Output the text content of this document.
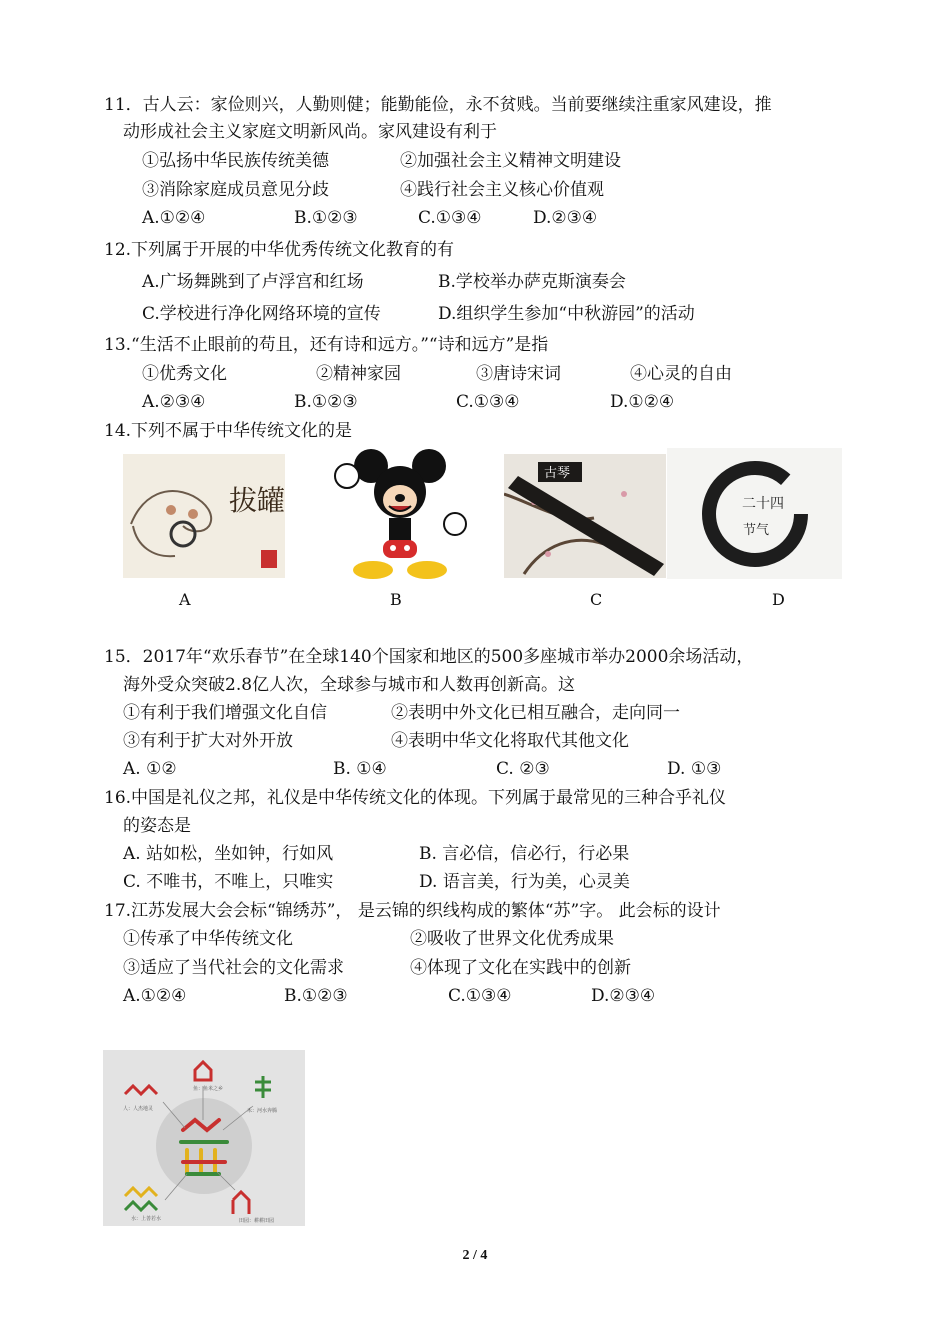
11．古人云：家俭则兴，人勤则健；能勤能俭，永不贫贱。当前要继续注重家风建设，推
动形成社会主义家庭文明新风尚。家风建设有利于
①弘扬中华民族传统美德	②加强社会主义精神文明建设
③消除家庭成员意见分歧	④践行社会主义核心价值观
A.①②④	B.①②③	C.①③④	D.②③④
12.下列属于开展的中华优秀传统文化教育的有
A.广场舞跳到了卢浮宫和红场	B.学校举办萨克斯演奏会
C.学校进行净化网络环境的宣传	D.组织学生参加“中秋游园”的活动
13.“生活不止眼前的苟且，还有诗和远方。”“诗和远方”是指
①优秀文化	②精神家园	③唐诗宋词	④心灵的自由
A.②③④	B.①②③	C.①③④	D.①②④
14.下列不属于中华传统文化的是
拔罐
古琴
二十四
节气
A	B	C	D
15．2017年“欢乐春节”在全球140个国家和地区的500多座城市举办2000余场活动，
海外受众突破2.8亿人次，全球参与城市和人数再创新高。这
①有利于我们增强文化自信	②表明中外文化已相互融合，走向同一
③有利于扩大对外开放	④表明中华文化将取代其他文化
A. ①②	B. ①④	C. ②③	D. ①③
16.中国是礼仪之邦，礼仪是中华传统文化的体现。下列属于最常见的三种合乎礼仪
的姿态是
A. 站如松，坐如钟，行如风	B. 言必信，信必行，行必果
C. 不唯书，不唯上，只唯实	D. 语言美，行为美，心灵美
17.江苏发展大会会标“锦绣苏”， 是云锦的织线构成的繁体“苏”字。 此会标的设计
①传承了中华传统文化	②吸收了世界文化优秀成果
③适应了当代社会的文化需求	④体现了文化在实践中的创新
A.①②④	B.①②③	C.①③④	D.②③④
人：人杰地灵
鱼：鱼米之乡
禾：河水奔腾
水：上善若水	田园：耕耕田园
2 / 4
